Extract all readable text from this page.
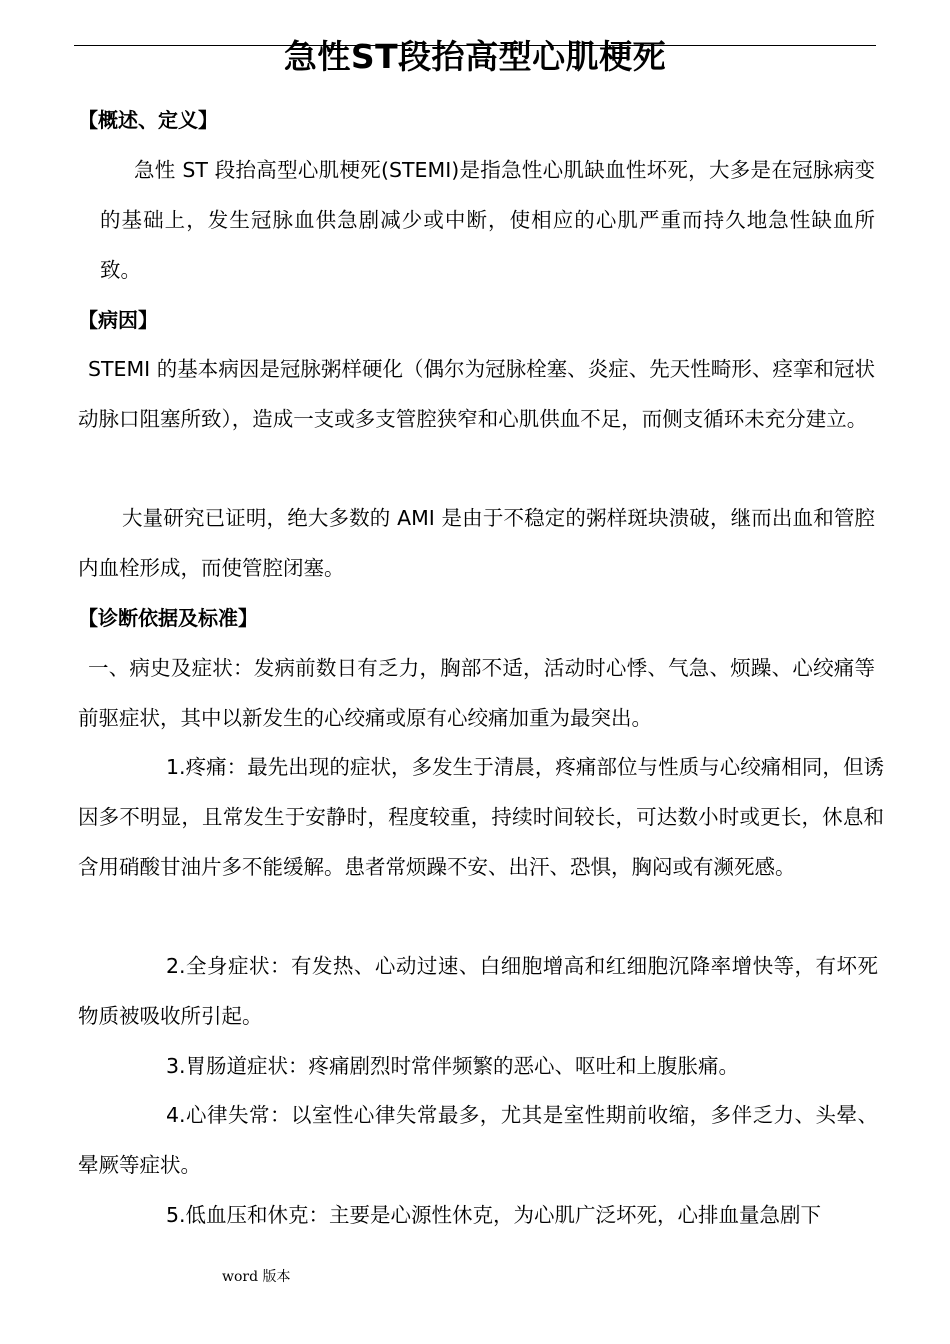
急性ST段抬高型心肌梗死
【概述、定义】

急性 ST 段抬高型心肌梗死(STEMI)是指急性心肌缺血性坏死，大多是在冠脉病变的基础上，发生冠脉血供急剧减少或中断，使相应的心肌严重而持久地急性缺血所致。

【病因】

STEMI 的基本病因是冠脉粥样硬化（偶尔为冠脉栓塞、炎症、先天性畸形、痉挛和冠状动脉口阻塞所致），造成一支或多支管腔狭窄和心肌供血不足，而侧支循环未充分建立。

大量研究已证明，绝大多数的 AMI 是由于不稳定的粥样斑块溃破，继而出血和管腔内血栓形成，而使管腔闭塞。

【诊断依据及标准】

一、病史及症状：发病前数日有乏力，胸部不适，活动时心悸、气急、烦躁、心绞痛等前驱症状，其中以新发生的心绞痛或原有心绞痛加重为最突出。

1.疼痛：最先出现的症状，多发生于清晨，疼痛部位与性质与心绞痛相同，但诱因多不明显，且常发生于安静时，程度较重，持续时间较长，可达数小时或更长，休息和含用硝酸甘油片多不能缓解。患者常烦躁不安、出汗、恐惧，胸闷或有濒死感。

2.全身症状：有发热、心动过速、白细胞增高和红细胞沉降率增快等，有坏死物质被吸收所引起。

3.胃肠道症状：疼痛剧烈时常伴频繁的恶心、呕吐和上腹胀痛。

4.心律失常：以室性心律失常最多，尤其是室性期前收缩，多伴乏力、头晕、晕厥等症状。

5.低血压和休克：主要是心源性休克，为心肌广泛坏死，心排血量急剧下

word 版本
